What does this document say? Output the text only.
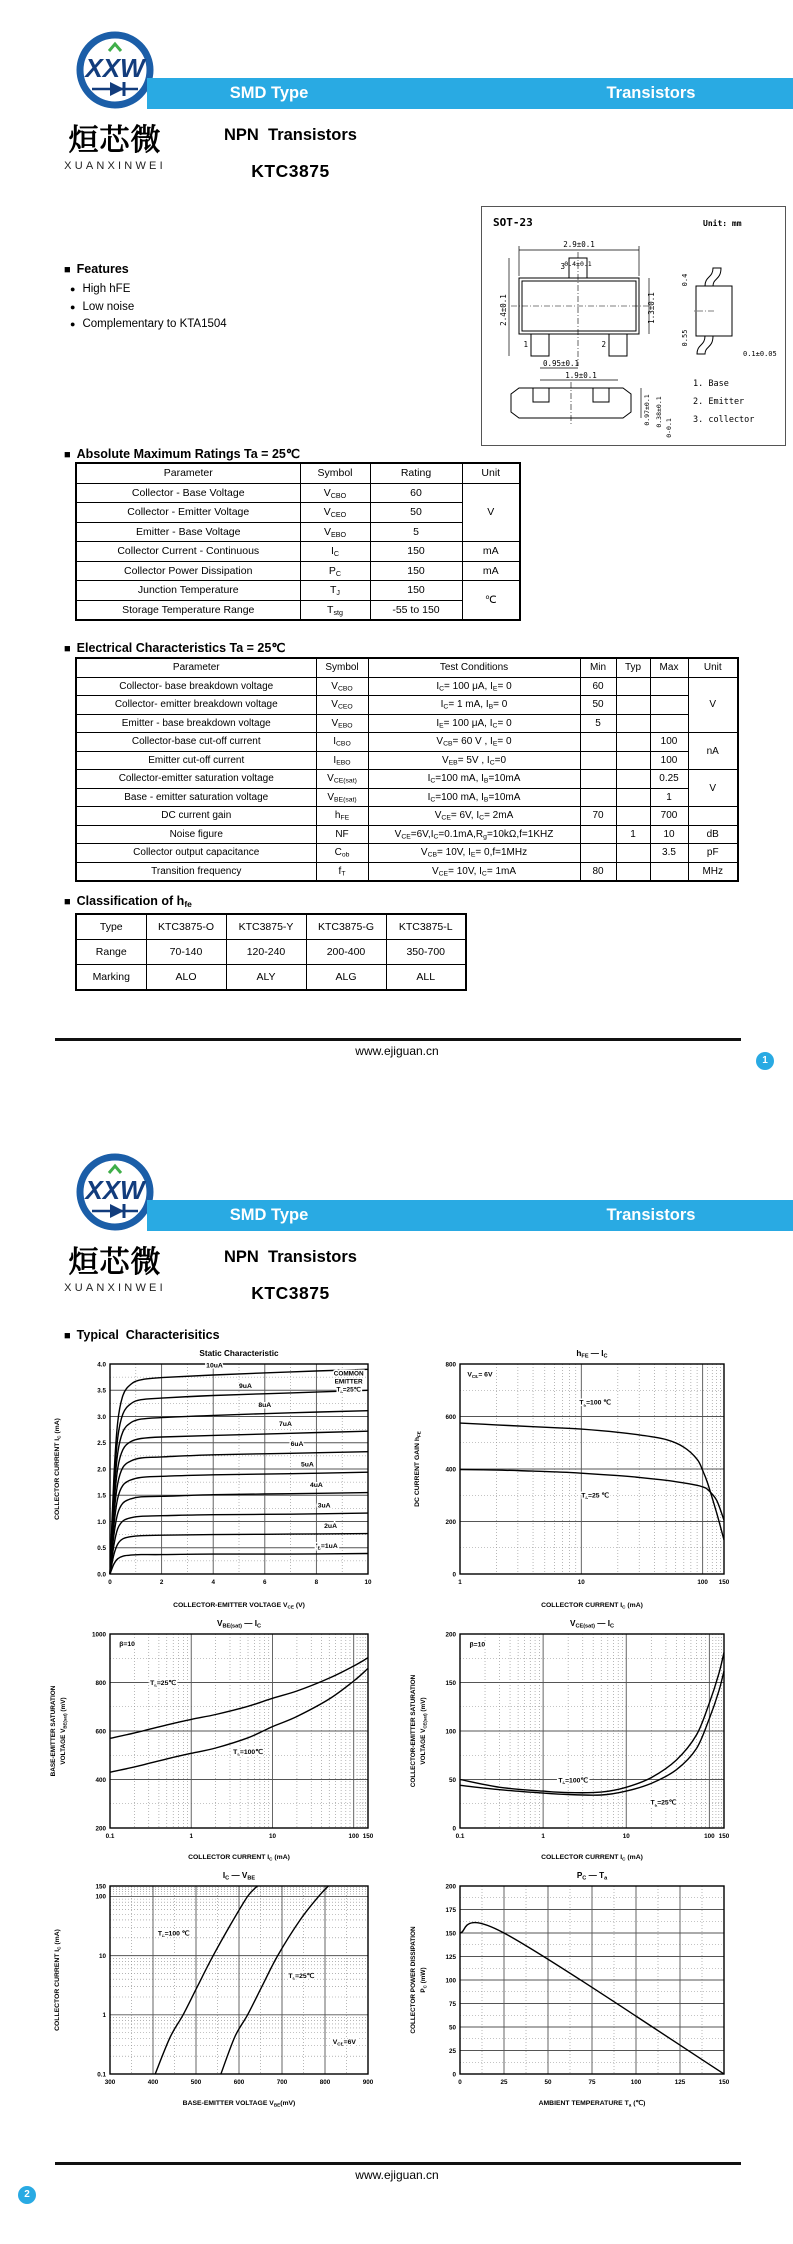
XXW
烜芯微
XUANXINWEI
SMD Type	Transistors
NPN  Transistors
KTC3875
■ Features
● High hFE
● Low noise
● Complementary to KTA1504
SOT-23	Unit: mm
2.9±0.1
0.4±0.1
2.4±0.1	1.3±0.1
0.95±0.1
1.9±0.1
3
1	2
0.4
0.55
0.1±0.05
0.97±0.1 0.38±0.1
0-0.1
1. Base
2. Emitter
3. collector
■ Absolute Maximum Ratings Ta = 25℃
Parameter	Symbol	Rating	Unit
Collector - Base Voltage	$V_{CBO}$	60	V
Collector - Emitter Voltage	$V_{CEO}$	50	
Emitter - Base Voltage	$V_{EBO}$	5	
Collector Current - Continuous	$I_C$	150	mA
Collector Power Dissipation	$P_C$	150	mA
Junction Temperature	$T_J$	150	℃
Storage Temperature Range	$T_{stg}$	-55 to 150	
■ Electrical Characteristics Ta = 25℃
Parameter	Symbol	Test Conditions	Min	Typ	Max	Unit
Collector- base breakdown voltage	$V_{CBO}$	$I_C= 100$ μA, $I_E= 0$	60			V
Collector- emitter breakdown voltage	$V_{CEO}$	$I_C= 1$ mA, $I_B= 0$	50			
Emitter - base breakdown voltage	$V_{EBO}$	$I_E= 100$ μA, $I_C= 0$	5			
Collector-base cut-off current	$I_{CBO}$	$V_{CB}= 60$ V , $I_E= 0$			100	nA
Emitter cut-off current	$I_{EBO}$	$V_{EB}= 5V$ , $I_C=0$			100	
Collector-emitter saturation voltage	$V_{CE(sat)}$	$I_C=100$ mA, $I_B=10mA$			0.25	V
Base - emitter saturation voltage	$V_{BE(sat)}$	$I_C=100$ mA, $I_B=10mA$			1	
DC current gain	$h_{FE}$	$V_{CE}= 6V$, $I_C= 2mA$	70		700	
Noise figure	NF	$V_{CE}=6V,I_C=0.1mA,R_g=10k\Omega,f=1KHZ$		1	10	dB
Collector output capacitance	$C_{ob}$	$V_{CB}= 10V$, $I_E= 0,f=1MHz$			3.5	pF
Transition frequency	$f_T$	$V_{CE}= 10V$, $I_C= 1mA$	80			MHz
■ Classification of $h_{fe}$
Type	KTC3875-O	KTC3875-Y	KTC3875-G	KTC3875-L
Range	70-140	120-240	200-400	350-700
Marking	ALO	ALY	ALG	ALL
www.ejiguan.cn
1
XXW
烜芯微
XUANXINWEI
SMD Type	Transistors
NPN  Transistors
KTC3875
■ Typical  Characterisitics
www.ejiguan.cn
2
0	2	4	6	8	10
0.0
0.5
1.0
1.5
2.0
2.5
3.0
3.5
4.0	10uA
9uA
8uA
7uA
6uA
5uA
4uA
3uA
2uA
$I_B=1uA$
COMMON
EMITTER
$T_a=25℃$
Static Characteristic
COLLECTOR-EMITTER VOLTAGE $V_{CE}$ (V)
COLLECTOR CURRENT $I_C$ (mA)
1	10	100 150
0
200
400
600
800
$V_{CE}= 6V$
$T_a=100$ ℃
$T_a=25$ ℃
hFE — IC
COLLECTOR CURRENT $I_C$ (mA)
DC CURRENT GAIN $h_{FE}$
0.1	1	10	100 150
200
400
600
800
1000
β=10
$T_a=25℃$
$T_a=100℃$
VBE(sat) — IC
COLLECTOR CURRENT $I_C$ (mA)
BASE-EMITTER SATURATION VOLTAGE $V_{BE(sat)}$ (mV)
0.1	1	10	100 150
0
50
100
150
200
β=10
$T_a=100℃$
$T_a=25℃$
VCE(sat) — IC
COLLECTOR CURRENT $I_C$ (mA)
COLLECTOR-EMITTER SATURATION VOLTAGE $V_{CE(sat)}$ (mV)
300	400	500	600	700	800	900
0.1
1
10
100
150
$T_a=100$ ℃
$T_a=25℃$
$V_{CE}=6V$
IC — VBE
BASE-EMITTER VOLTAGE $V_{BE}(mV)$
COLLECTOR CURRENT $I_C$ (mA)
0	25	50	75	100	125	150
0
25
50
75
100
125
150
175
200
PC — Ta
AMBIENT TEMPERATURE $T_a$ (℃)
COLLECTOR POWER DISSIPATION $P_C$ (mW)
